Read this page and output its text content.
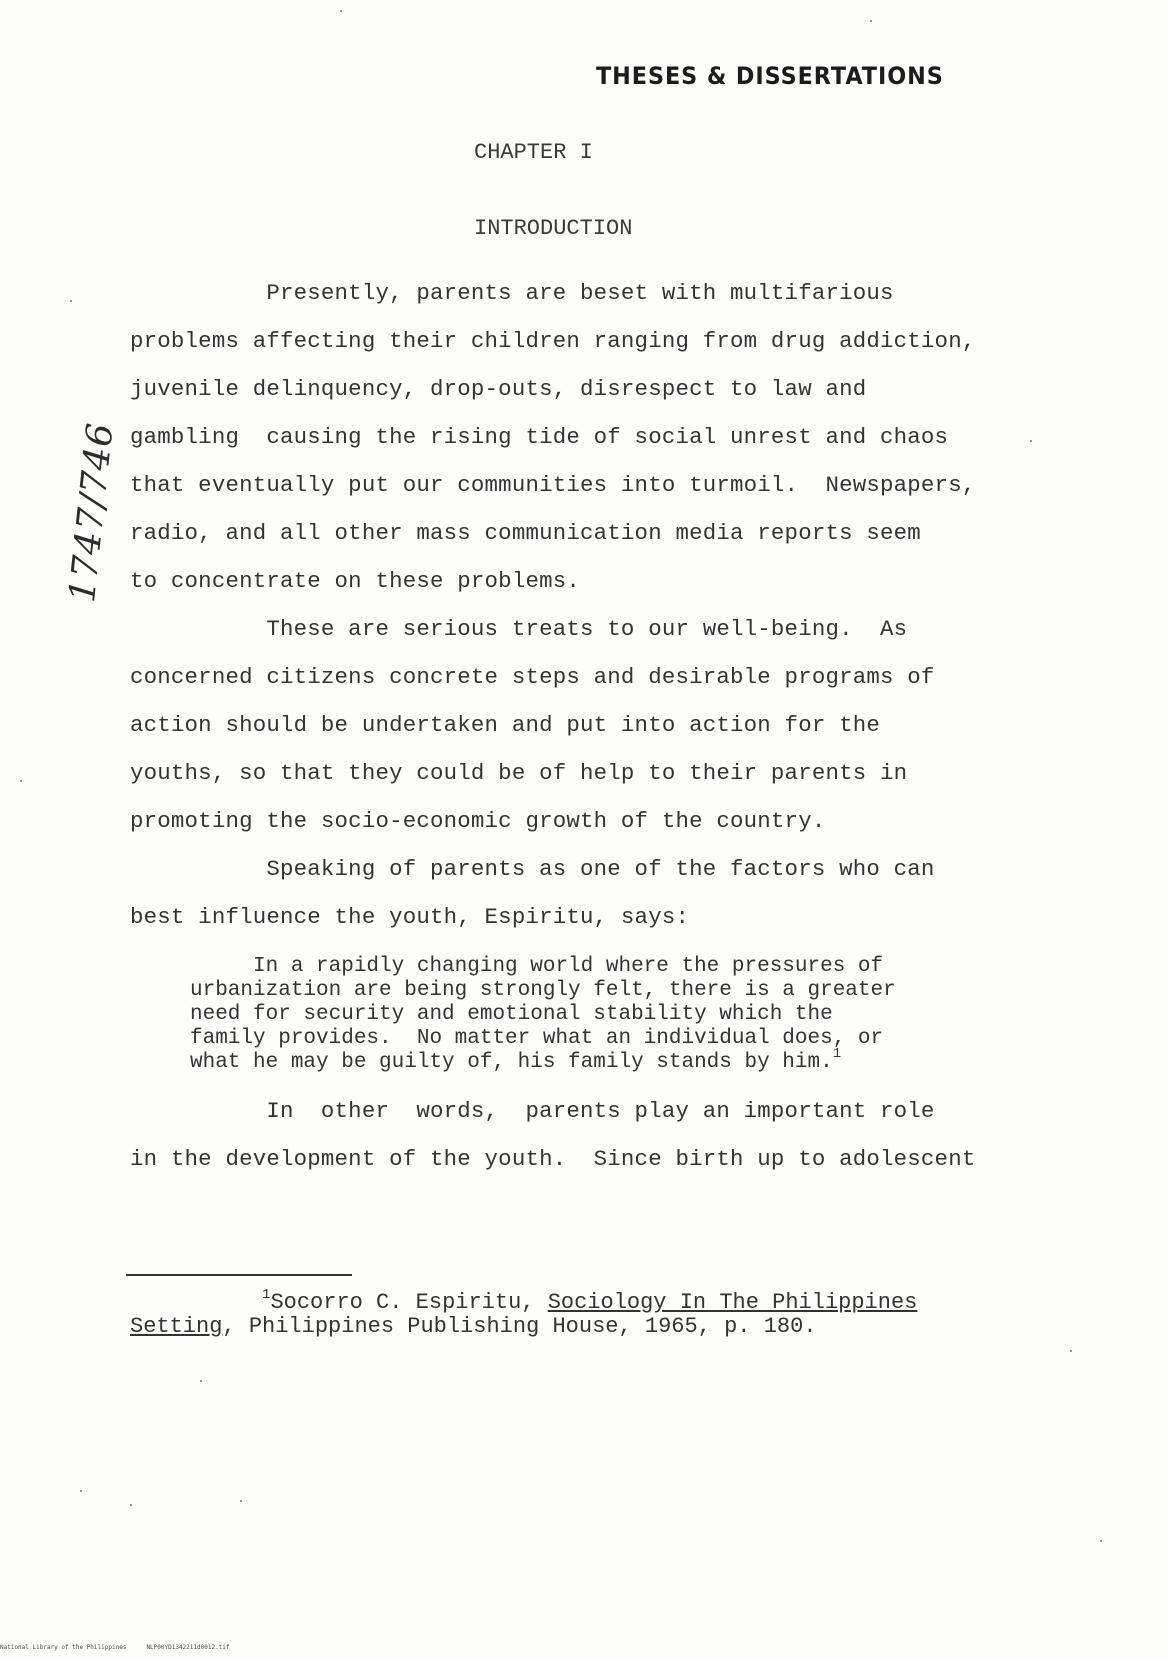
THESES & DISSERTATIONS
1747/746
CHAPTER I
INTRODUCTION
Presently, parents are beset with multifarious
problems affecting their children ranging from drug addiction,
juvenile delinquency, drop-outs, disrespect to law and
gambling  causing the rising tide of social unrest and chaos
that eventually put our communities into turmoil.  Newspapers,
radio, and all other mass communication media reports seem
to concentrate on these problems.
These are serious treats to our well-being.  As
concerned citizens concrete steps and desirable programs of
action should be undertaken and put into action for the
youths, so that they could be of help to their parents in
promoting the socio-economic growth of the country.
Speaking of parents as one of the factors who can
best influence the youth, Espiritu, says:
In a rapidly changing world where the pressures of
urbanization are being strongly felt, there is a greater
need for security and emotional stability which the
family provides.  No matter what an individual does, or
what he may be guilty of, his family stands by him.$^1$
In  other  words,  parents play an important role
in the development of the youth.  Since birth up to adolescent
$^1$Socorro C. Espiritu, Sociology In The Philippines
Setting, Philippines Publishing House, 1965, p. 180.
National Library of the Philippines	NLP00YD1342211d0012.tif
